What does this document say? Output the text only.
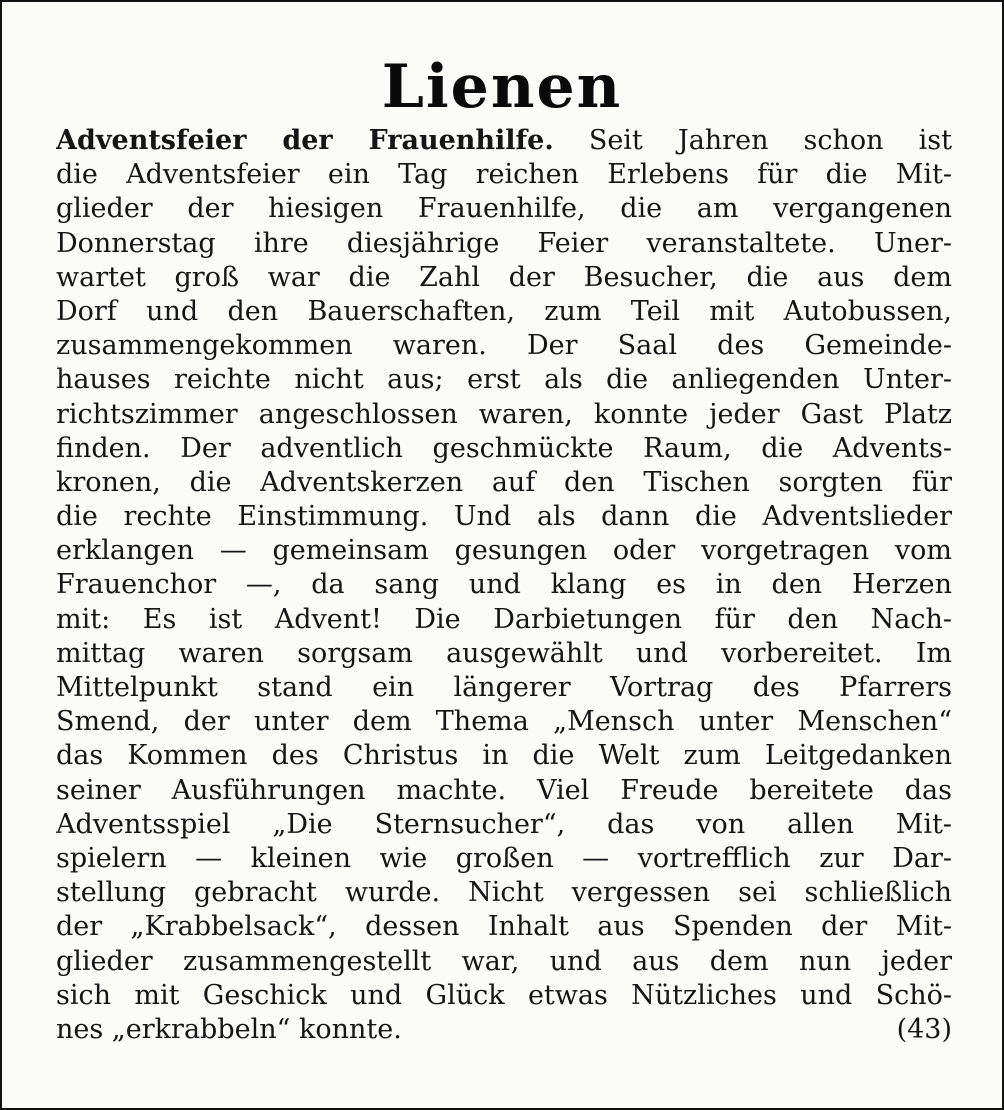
Lienen
Adventsfeier der Frauenhilfe. Seit Jahren schon ist
die Adventsfeier ein Tag reichen Erlebens für die Mit-
glieder der hiesigen Frauenhilfe, die am vergangenen
Donnerstag ihre diesjährige Feier veranstaltete. Uner-
wartet groß war die Zahl der Besucher, die aus dem
Dorf und den Bauerschaften, zum Teil mit Autobussen,
zusammengekommen waren. Der Saal des Gemeinde-
hauses reichte nicht aus; erst als die anliegenden Unter-
richtszimmer angeschlossen waren, konnte jeder Gast Platz
finden. Der adventlich geschmückte Raum, die Advents-
kronen, die Adventskerzen auf den Tischen sorgten für
die rechte Einstimmung. Und als dann die Adventslieder
erklangen — gemeinsam gesungen oder vorgetragen vom
Frauenchor —, da sang und klang es in den Herzen
mit: Es ist Advent! Die Darbietungen für den Nach-
mittag waren sorgsam ausgewählt und vorbereitet. Im
Mittelpunkt stand ein längerer Vortrag des Pfarrers
Smend, der unter dem Thema „Mensch unter Menschen“
das Kommen des Christus in die Welt zum Leitgedanken
seiner Ausführungen machte. Viel Freude bereitete das
Adventsspiel „Die Sternsucher“, das von allen Mit-
spielern — kleinen wie großen — vortrefflich zur Dar-
stellung gebracht wurde. Nicht vergessen sei schließlich
der „Krabbelsack“, dessen Inhalt aus Spenden der Mit-
glieder zusammengestellt war, und aus dem nun jeder
sich mit Geschick und Glück etwas Nützliches und Schö-
nes „erkrabbeln“ konnte.	(43)
